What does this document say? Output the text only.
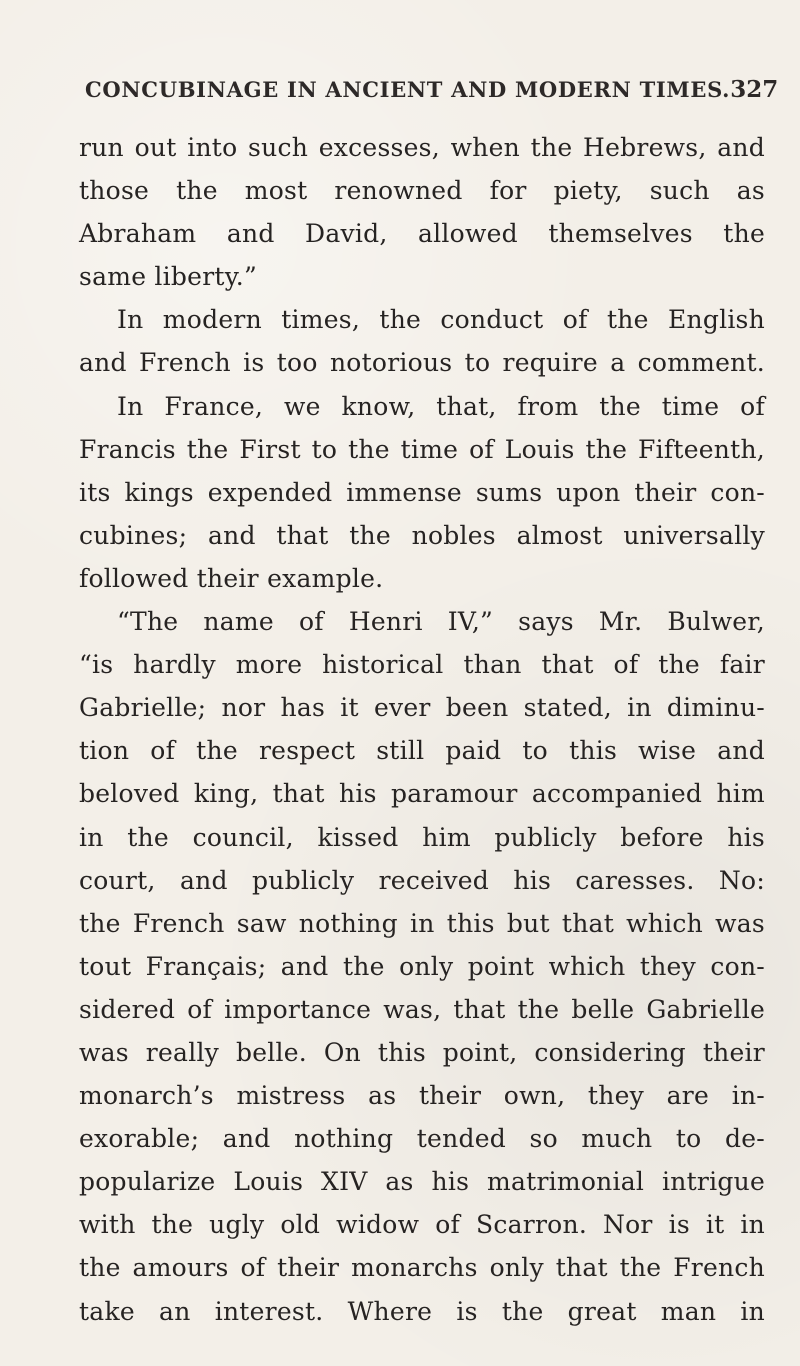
CONCUBINAGE IN ANCIENT AND MODERN TIMES. 327
run out into such excesses, when the Hebrews, and
those the most renowned for piety, such as
Abraham and David, allowed themselves the
same liberty.”
In modern times, the conduct of the English
and French is too notorious to require a comment.
In France, we know, that, from the time of
Francis the First to the time of Louis the Fifteenth,
its kings expended immense sums upon their con-
cubines; and that the nobles almost universally
followed their example.
“The name of Henri IV,” says Mr. Bulwer,
“is hardly more historical than that of the fair
Gabrielle; nor has it ever been stated, in diminu-
tion of the respect still paid to this wise and
beloved king, that his paramour accompanied him
in the council, kissed him publicly before his
court, and publicly received his caresses. No:
the French saw nothing in this but that which was
tout Français; and the only point which they con-
sidered of importance was, that the belle Gabrielle
was really belle. On this point, considering their
monarch’s mistress as their own, they are in-
exorable; and nothing tended so much to de-
popularize Louis XIV as his matrimonial intrigue
with the ugly old widow of Scarron. Nor is it in
the amours of their monarchs only that the French
take an interest. Where is the great man in
